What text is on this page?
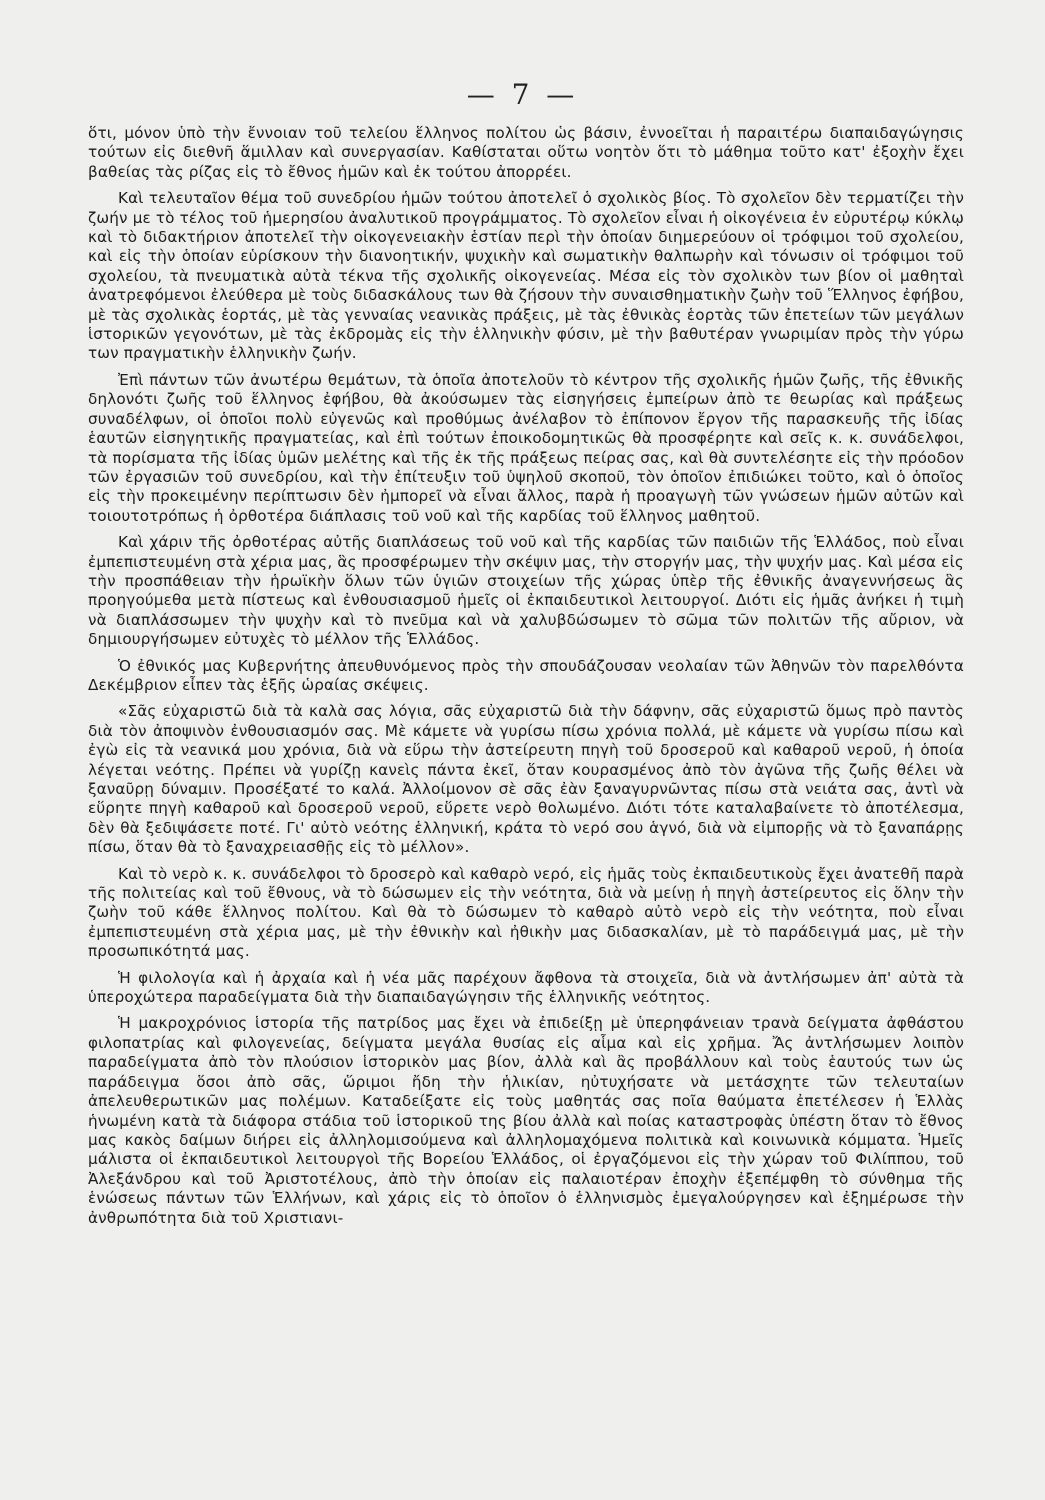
— 7 —

ὅτι, μόνον ὑπὸ τὴν ἔννοιαν τοῦ τελείου ἕλληνος πολίτου ὡς βάσιν, ἐννοεῖται ἡ παραιτέρω διαπαιδαγώγησις τούτων εἰς διεθνῆ ἅμιλλαν καὶ συνεργασίαν. Καθίσταται οὕτω νοητὸν ὅτι τὸ μάθημα τοῦτο κατ' ἐξοχὴν ἔχει βαθείας τὰς ρίζας εἰς τὸ ἔθνος ἡμῶν καὶ ἐκ τούτου ἀπορρέει.

Καὶ τελευταῖον θέμα τοῦ συνεδρίου ἡμῶν τούτου ἀποτελεῖ ὁ σχολικὸς βίος. Τὸ σχολεῖον δὲν τερματίζει τὴν ζωήν με τὸ τέλος τοῦ ἡμερησίου ἀναλυτικοῦ προγράμματος. Τὸ σχολεῖον εἶναι ἡ οἰκογένεια ἐν εὐρυτέρῳ κύκλῳ καὶ τὸ διδακτήριον ἀποτελεῖ τὴν οἰκογενειακὴν ἑστίαν περὶ τὴν ὁποίαν διημερεύουν οἱ τρόφιμοι τοῦ σχολείου, καὶ εἰς τὴν ὁποίαν εὑρίσκουν τὴν διανοητικήν, ψυχικὴν καὶ σωματικὴν θαλπωρὴν καὶ τόνωσιν οἱ τρόφιμοι τοῦ σχολείου, τὰ πνευματικὰ αὐτὰ τέκνα τῆς σχολικῆς οἰκογενείας. Μέσα εἰς τὸν σχολικὸν των βίον οἱ μαθηταὶ ἀνατρεφόμενοι ἐλεύθερα μὲ τοὺς διδασκάλους των θὰ ζήσουν τὴν συναισθηματικὴν ζωὴν τοῦ Ἕλληνος ἐφήβου, μὲ τὰς σχολικὰς ἑορτάς, μὲ τὰς γενναίας νεανικὰς πράξεις, μὲ τὰς ἐθνικὰς ἑορτὰς τῶν ἐπετείων τῶν μεγάλων ἱστορικῶν γεγονότων, μὲ τὰς ἐκδρομὰς εἰς τὴν ἑλληνικὴν φύσιν, μὲ τὴν βαθυτέραν γνωριμίαν πρὸς τὴν γύρω των πραγματικὴν ἑλληνικὴν ζωήν.

Ἐπὶ πάντων τῶν ἀνωτέρω θεμάτων, τὰ ὁποῖα ἀποτελοῦν τὸ κέντρον τῆς σχολικῆς ἡμῶν ζωῆς, τῆς ἐθνικῆς δηλονότι ζωῆς τοῦ ἕλληνος ἐφήβου, θὰ ἀκούσωμεν τὰς εἰσηγήσεις ἐμπείρων ἀπὸ τε θεωρίας καὶ πράξεως συναδέλφων, οἱ ὁποῖοι πολὺ εὐγενῶς καὶ προθύμως ἀνέλαβον τὸ ἐπίπονον ἔργον τῆς παρασκευῆς τῆς ἰδίας ἑαυτῶν εἰσηγητικῆς πραγματείας, καὶ ἐπὶ τούτων ἐποικοδομητικῶς θὰ προσφέρητε καὶ σεῖς κ. κ. συνάδελφοι, τὰ πορίσματα τῆς ἰδίας ὑμῶν μελέτης καὶ τῆς ἐκ τῆς πράξεως πείρας σας, καὶ θὰ συντελέσητε εἰς τὴν πρόοδον τῶν ἐργασιῶν τοῦ συνεδρίου, καὶ τὴν ἐπίτευξιν τοῦ ὑψηλοῦ σκοποῦ, τὸν ὁποῖον ἐπιδιώκει τοῦτο, καὶ ὁ ὁποῖος εἰς τὴν προκειμένην περίπτωσιν δὲν ἠμπορεῖ νὰ εἶναι ἄλλος, παρὰ ἡ προαγωγὴ τῶν γνώσεων ἡμῶν αὐτῶν καὶ τοιουτοτρόπως ἡ ὀρθοτέρα διάπλασις τοῦ νοῦ καὶ τῆς καρδίας τοῦ ἕλληνος μαθητοῦ.

Καὶ χάριν τῆς ὀρθοτέρας αὐτῆς διαπλάσεως τοῦ νοῦ καὶ τῆς καρδίας τῶν παιδιῶν τῆς Ἑλλάδος, ποὺ εἶναι ἐμπεπιστευμένη στὰ χέρια μας, ἃς προσφέρωμεν τὴν σκέψιν μας, τὴν στοργήν μας, τὴν ψυχήν μας. Καὶ μέσα εἰς τὴν προσπάθειαν τὴν ἡρωϊκὴν ὅλων τῶν ὑγιῶν στοιχείων τῆς χώρας ὑπὲρ τῆς ἐθνικῆς ἀναγεννήσεως ἃς προηγούμεθα μετὰ πίστεως καὶ ἐνθουσιασμοῦ ἡμεῖς οἱ ἐκπαιδευτικοὶ λειτουργοί. Διότι εἰς ἡμᾶς ἀνήκει ἡ τιμὴ νὰ διαπλάσσωμεν τὴν ψυχὴν καὶ τὸ πνεῦμα καὶ νὰ χαλυβδώσωμεν τὸ σῶμα τῶν πολιτῶν τῆς αὔριον, νὰ δημιουργήσωμεν εὐτυχὲς τὸ μέλλον τῆς Ἑλλάδος.

Ὁ ἐθνικός μας Κυβερνήτης ἀπευθυνόμενος πρὸς τὴν σπουδάζουσαν νεολαίαν τῶν Ἀθηνῶν τὸν παρελθόντα Δεκέμβριον εἶπεν τὰς ἑξῆς ὡραίας σκέψεις.

«Σᾶς εὐχαριστῶ διὰ τὰ καλὰ σας λόγια, σᾶς εὐχαριστῶ διὰ τὴν δάφνην, σᾶς εὐχαριστῶ ὅμως πρὸ παντὸς διὰ τὸν ἀποψινὸν ἐνθουσιασμόν σας. Μὲ κάμετε νὰ γυρίσω πίσω χρόνια πολλά, μὲ κάμετε νὰ γυρίσω πίσω καὶ ἐγὼ εἰς τὰ νεανικά μου χρόνια, διὰ νὰ εὕρω τὴν ἀστείρευτη πηγὴ τοῦ δροσεροῦ καὶ καθαροῦ νεροῦ, ἡ ὁποία λέγεται νεότης. Πρέπει νὰ γυρίζῃ κανεὶς πάντα ἐκεῖ, ὅταν κουρασμένος ἀπὸ τὸν ἀγῶνα τῆς ζωῆς θέλει νὰ ξαναῦρῃ δύναμιν. Προσέξατέ το καλά. Ἀλλοίμονον σὲ σᾶς ἐὰν ξαναγυρνῶντας πίσω στὰ νειάτα σας, ἀντὶ νὰ εὕρητε πηγὴ καθαροῦ καὶ δροσεροῦ νεροῦ, εὕρετε νερὸ θολωμένο. Διότι τότε καταλαβαίνετε τὸ ἀποτέλεσμα, δὲν θὰ ξεδιψάσετε ποτέ. Γι' αὐτὸ νεότης ἑλληνική, κράτα τὸ νερό σου ἁγνό, διὰ νὰ εἰμπορῇς νὰ τὸ ξαναπάρῃς πίσω, ὅταν θὰ τὸ ξαναχρειασθῇς εἰς τὸ μέλλον».

Καὶ τὸ νερὸ κ. κ. συνάδελφοι τὸ δροσερὸ καὶ καθαρὸ νερό, εἰς ἡμᾶς τοὺς ἐκπαιδευτικοὺς ἔχει ἀνατεθῆ παρὰ τῆς πολιτείας καὶ τοῦ ἔθνους, νὰ τὸ δώσωμεν εἰς τὴν νεότητα, διὰ νὰ μείνῃ ἡ πηγὴ ἀστείρευτος εἰς ὅλην τὴν ζωὴν τοῦ κάθε ἕλληνος πολίτου. Καὶ θὰ τὸ δώσωμεν τὸ καθαρὸ αὐτὸ νερὸ εἰς τὴν νεότητα, ποὺ εἶναι ἐμπεπιστευμένη στὰ χέρια μας, μὲ τὴν ἐθνικὴν καὶ ἠθικὴν μας διδασκαλίαν, μὲ τὸ παράδειγμά μας, μὲ τὴν προσωπικότητά μας.

Ἡ φιλολογία καὶ ἡ ἀρχαία καὶ ἡ νέα μᾶς παρέχουν ἄφθονα τὰ στοιχεῖα, διὰ νὰ ἀντλήσωμεν ἀπ' αὐτὰ τὰ ὑπεροχώτερα παραδείγματα διὰ τὴν διαπαιδαγώγησιν τῆς ἑλληνικῆς νεότητος.

Ἡ μακροχρόνιος ἱστορία τῆς πατρίδος μας ἔχει νὰ ἐπιδείξῃ μὲ ὑπερηφάνειαν τρανὰ δείγματα ἀφθάστου φιλοπατρίας καὶ φιλογενείας, δείγματα μεγάλα θυσίας εἰς αἷμα καὶ εἰς χρῆμα. Ἄς ἀντλήσωμεν λοιπὸν παραδείγματα ἀπὸ τὸν πλούσιον ἱστορικὸν μας βίον, ἀλλὰ καὶ ἂς προβάλλουν καὶ τοὺς ἑαυτούς των ὡς παράδειγμα ὅσοι ἀπὸ σᾶς, ὥριμοι ἤδη τὴν ἡλικίαν, ηὐτυχήσατε νὰ μετάσχητε τῶν τελευταίων ἀπελευθερωτικῶν μας πολέμων. Καταδείξατε εἰς τοὺς μαθητάς σας ποῖα θαύματα ἐπετέλεσεν ἡ Ἑλλὰς ἡνωμένη κατὰ τὰ διάφορα στάδια τοῦ ἱστορικοῦ της βίου ἀλλὰ καὶ ποίας καταστροφὰς ὑπέστη ὅταν τὸ ἔθνος μας κακὸς δαίμων διήρει εἰς ἀλληλομισούμενα καὶ ἀλληλομαχόμενα πολιτικὰ καὶ κοινωνικὰ κόμματα. Ἡμεῖς μάλιστα οἱ ἐκπαιδευτικοὶ λειτουργοὶ τῆς Βορείου Ἑλλάδος, οἱ ἐργαζόμενοι εἰς τὴν χώραν τοῦ Φιλίππου, τοῦ Ἀλεξάνδρου καὶ τοῦ Ἀριστοτέλους, ἀπὸ τὴν ὁποίαν εἰς παλαιοτέραν ἐποχὴν ἐξεπέμφθη τὸ σύνθημα τῆς ἑνώσεως πάντων τῶν Ἑλλήνων, καὶ χάρις εἰς τὸ ὁποῖον ὁ ἑλληνισμὸς ἐμεγαλούργησεν καὶ ἐξημέρωσε τὴν ἀνθρωπότητα διὰ τοῦ Χριστιανι-
